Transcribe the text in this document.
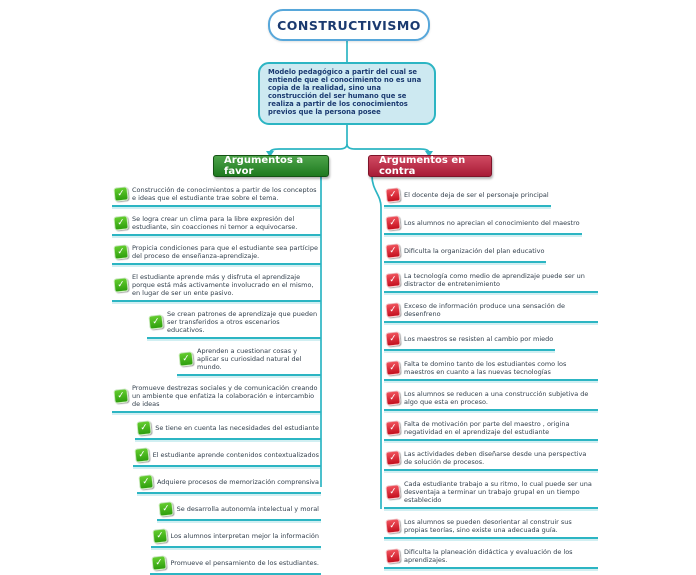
CONSTRUCTIVISMO
Modelo pedagógico a partir del cual se entiende que el conocimiento no es una copia de la realidad, sino una construcción del ser humano que se realiza a partir de los conocimientos previos que la persona posee
Argumentos a favor
Argumentos en contra
✓
Construcción de conocimientos a partir de los conceptos e ideas que el estudiante trae sobre el tema.
✓
Se logra crear un clima para la libre expresión del estudiante, sin coacciones ni temor a equivocarse.
✓
Propicia condiciones para que el estudiante sea partícipe del proceso de enseñanza-aprendizaje.
✓
El estudiante aprende más y disfruta el aprendizaje porque está más activamente involucrado en el mismo, en lugar de ser un ente pasivo.
✓
Se crean patrones de aprendizaje que pueden ser transferidos a otros escenarios educativos.
✓
Aprenden a cuestionar cosas y aplicar su curiosidad natural del mundo.
✓
Promueve destrezas sociales y de comunicación creando un ambiente que enfatiza la colaboración e intercambio de ideas
✓
Se tiene en cuenta las necesidades del estudiante
✓
El estudiante aprende contenidos contextualizados
✓
Adquiere procesos de memorización comprensiva
✓
Se desarrolla autonomía intelectual y moral
✓
Los alumnos interpretan mejor la información
✓
Promueve el pensamiento de los estudiantes.
✓
El docente deja de ser el personaje principal
✓
Los alumnos no aprecian el conocimiento del maestro
✓
Dificulta la organización del plan educativo
✓
La tecnología como medio de aprendizaje puede ser un distractor de entretenimiento
✓
Exceso de información produce una sensación de desenfreno
✓
Los maestros se resisten al cambio por miedo
✓
Falta te domino tanto de los estudiantes como los maestros en cuanto a las nuevas tecnologías
✓
Los alumnos se reducen a una construcción subjetiva de algo que esta en proceso.
✓
Falta de motivación por parte del maestro , origina negatividad en el aprendizaje del estudiante
✓
Las actividades deben diseñarse desde una perspectiva de solución de procesos.
✓
Cada estudiante trabajo a su ritmo, lo cual puede ser una desventaja a terminar un trabajo grupal en un tiempo establecido
✓
Los alumnos se pueden desorientar al construir sus propias teorías, sino existe una adecuada guía.
✓
Dificulta la planeación didáctica y evaluación de los aprendizajes.
